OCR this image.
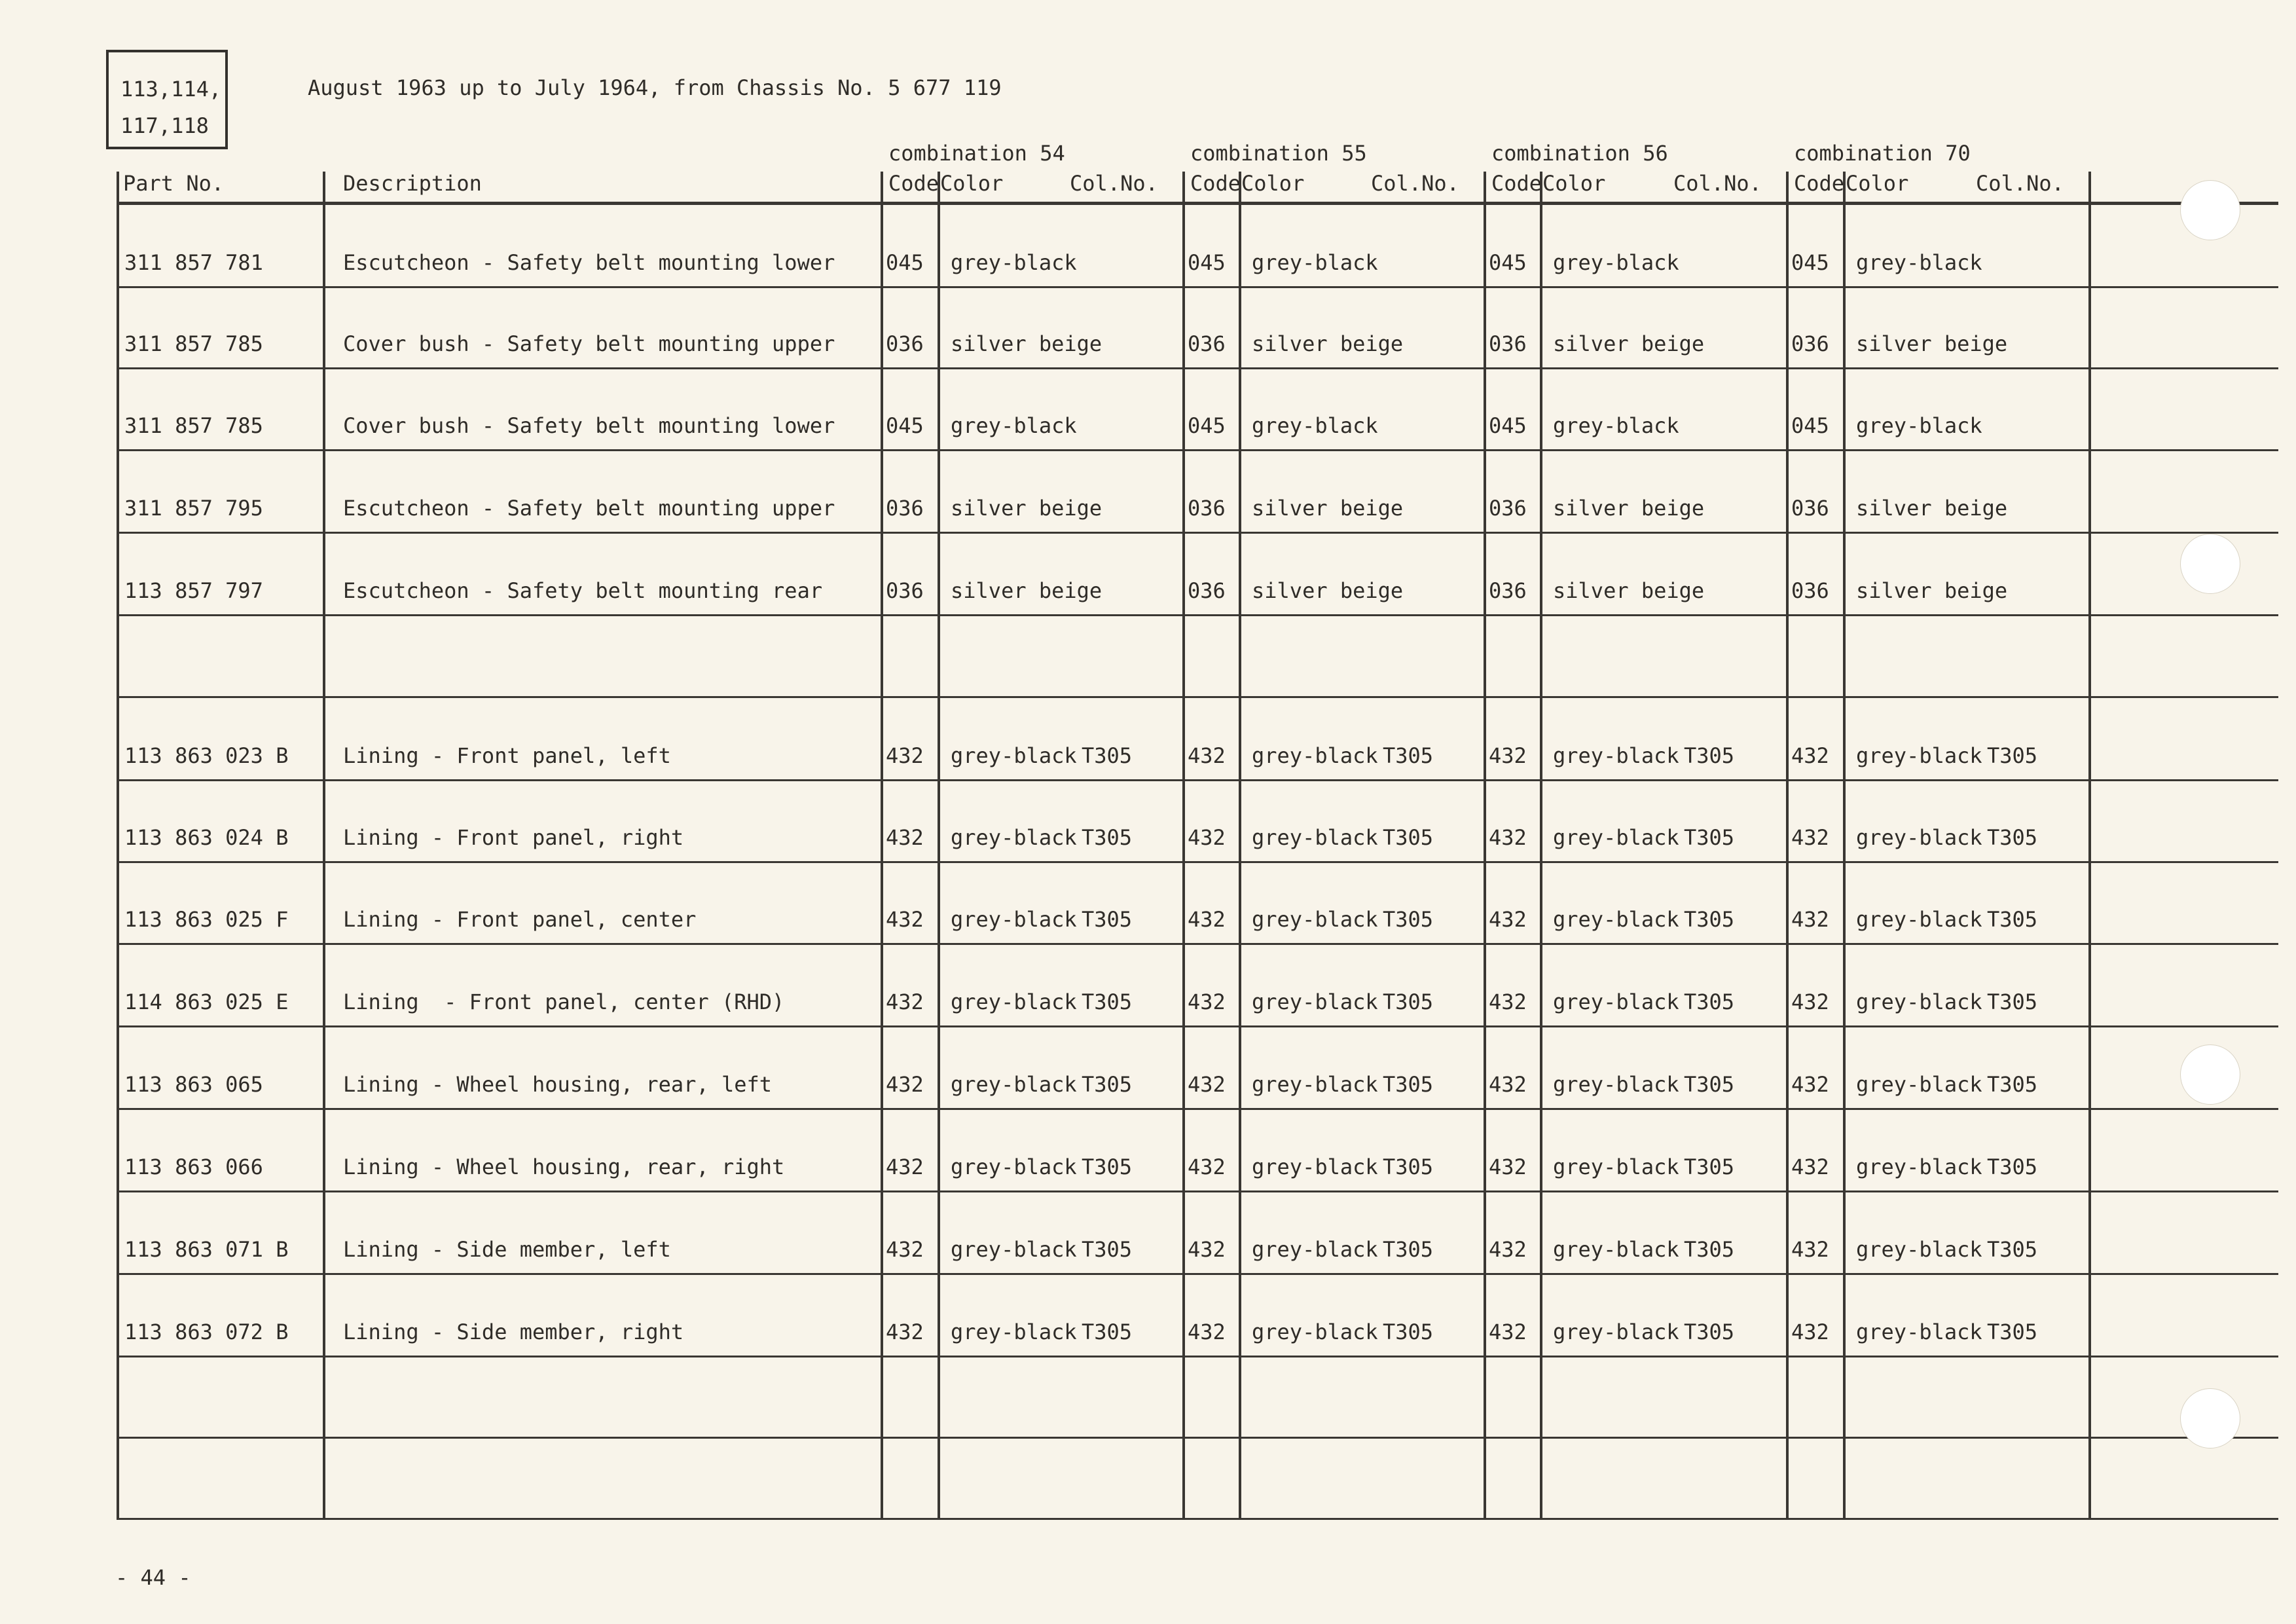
113,114,
117,118
August 1963 up to July 1964, from Chassis No. 5 677 119
Part No.	Description
combination 54
Code Color	Col.No.
combination 55
Code Color	Col.No.
combination 56
Code Color	Col.No.
combination 70
Code Color	Col.No.
311 857 781	Escutcheon - Safety belt mounting lower 045 grey-black	045 grey-black	045 grey-black	045 grey-black
311 857 785	Cover bush - Safety belt mounting upper 036 silver beige	036 silver beige	036 silver beige	036 silver beige
311 857 785	Cover bush - Safety belt mounting lower 045 grey-black	045 grey-black	045 grey-black	045 grey-black
311 857 795	Escutcheon - Safety belt mounting upper 036 silver beige	036 silver beige	036 silver beige	036 silver beige
113 857 797	Escutcheon - Safety belt mounting rear	036 silver beige	036 silver beige	036 silver beige	036 silver beige
113 863 023 B	Lining - Front panel, left	432 grey-black T305	432 grey-black T305	432 grey-black T305	432 grey-black T305
113 863 024 B	Lining - Front panel, right	432 grey-black T305	432 grey-black T305	432 grey-black T305	432 grey-black T305
113 863 025 F	Lining - Front panel, center	432 grey-black T305	432 grey-black T305	432 grey-black T305	432 grey-black T305
114 863 025 E	Lining  - Front panel, center (RHD)	432 grey-black T305	432 grey-black T305	432 grey-black T305	432 grey-black T305
113 863 065	Lining - Wheel housing, rear, left	432 grey-black T305	432 grey-black T305	432 grey-black T305	432 grey-black T305
113 863 066	Lining - Wheel housing, rear, right	432 grey-black T305	432 grey-black T305	432 grey-black T305	432 grey-black T305
113 863 071 B	Lining - Side member, left	432 grey-black T305	432 grey-black T305	432 grey-black T305	432 grey-black T305
113 863 072 B	Lining - Side member, right	432 grey-black T305	432 grey-black T305	432 grey-black T305	432 grey-black T305
- 44 -
